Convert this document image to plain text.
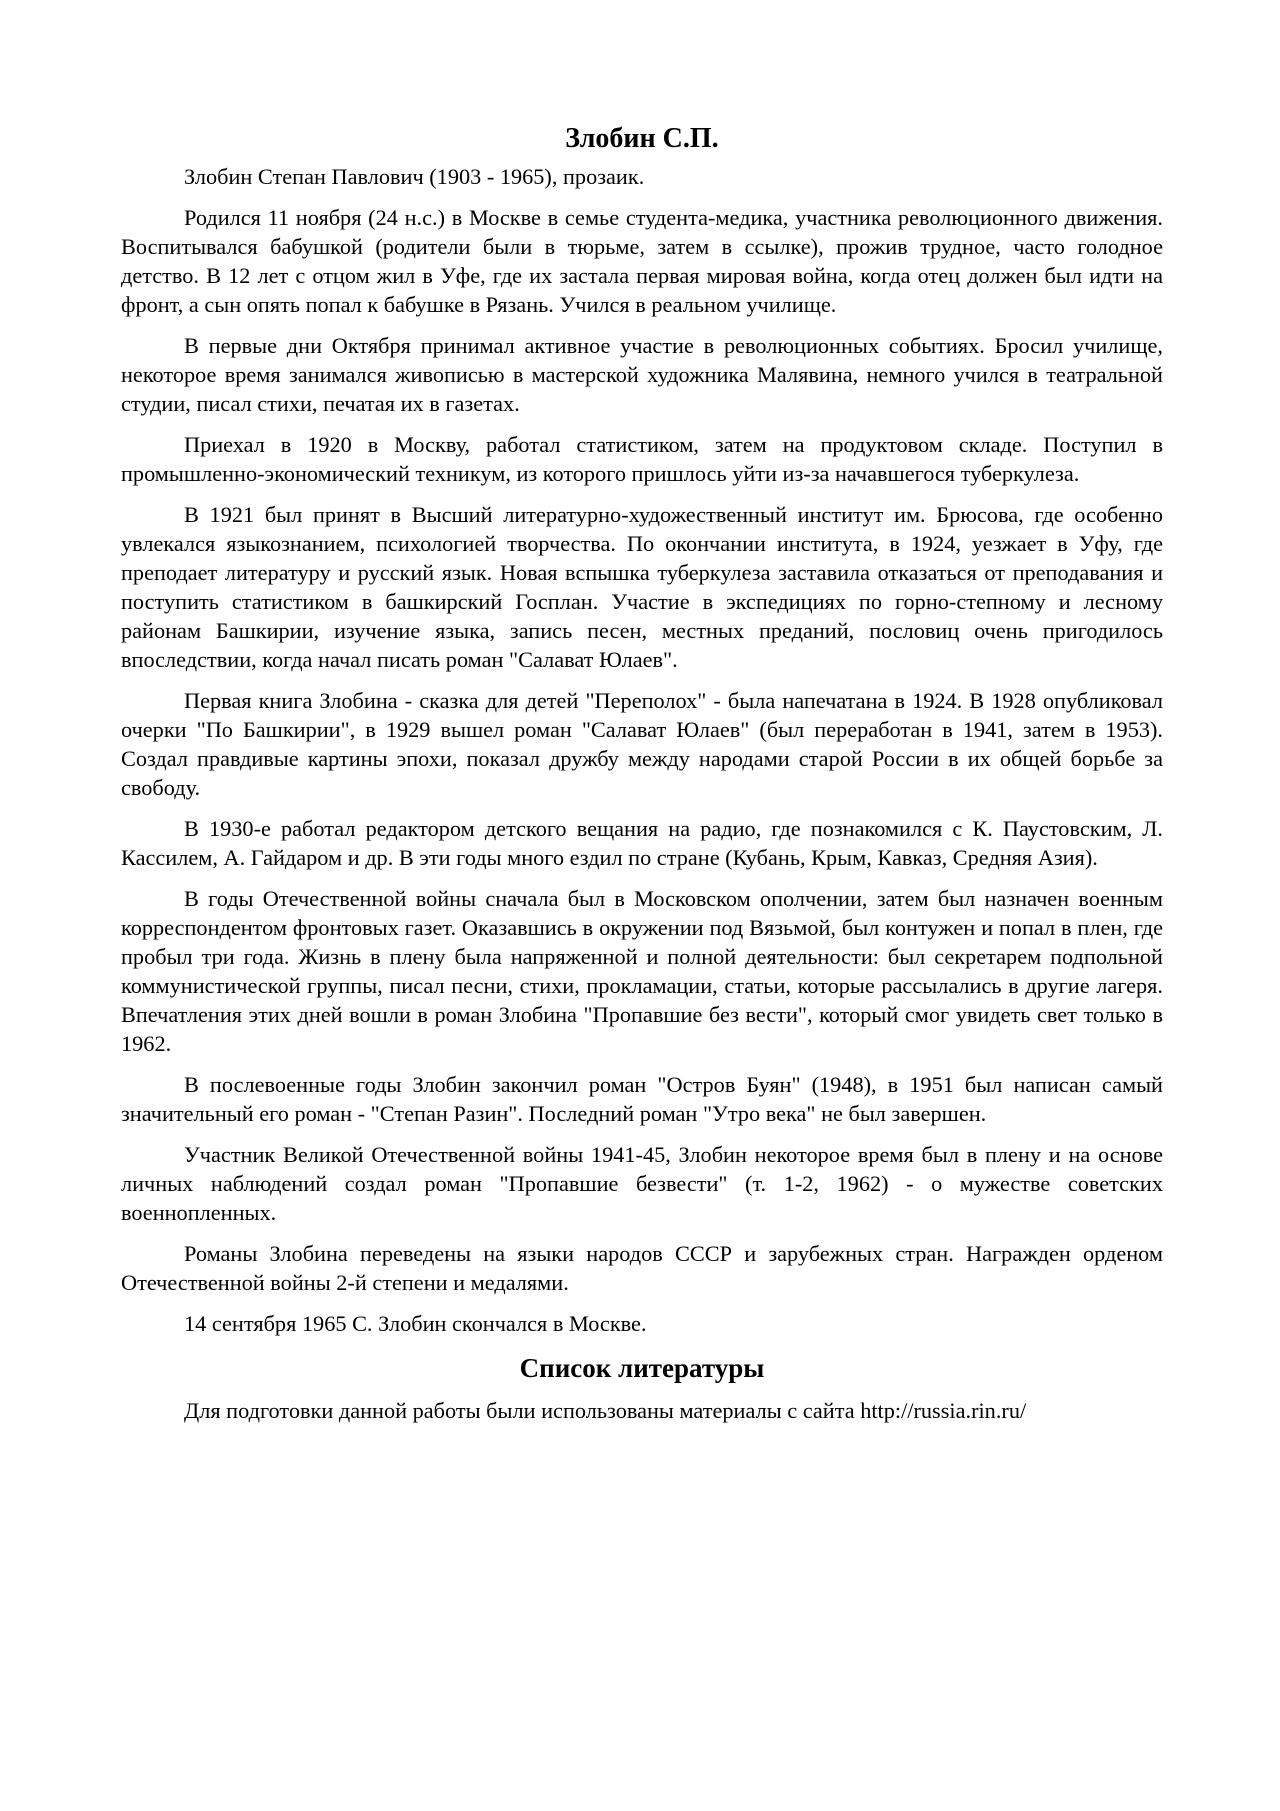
Злобин С.П.

Злобин Степан Павлович (1903 - 1965), прозаик.

Родился 11 ноября (24 н.с.) в Москве в семье студента-медика, участника революционного движения. Воспитывался бабушкой (родители были в тюрьме, затем в ссылке), прожив трудное, часто голодное детство. В 12 лет с отцом жил в Уфе, где их застала первая мировая война, когда отец должен был идти на фронт, а сын опять попал к бабушке в Рязань. Учился в реальном училище.

В первые дни Октября принимал активное участие в революционных событиях. Бросил училище, некоторое время занимался живописью в мастерской художника Малявина, немного учился в театральной студии, писал стихи, печатая их в газетах.

Приехал в 1920 в Москву, работал статистиком, затем на продуктовом складе. Поступил в промышленно-экономический техникум, из которого пришлось уйти из-за начавшегося туберкулеза.

В 1921 был принят в Высший литературно-художественный институт им. Брюсова, где особенно увлекался языкознанием, психологией творчества. По окончании института, в 1924, уезжает в Уфу, где преподает литературу и русский язык. Новая вспышка туберкулеза заставила отказаться от преподавания и поступить статистиком в башкирский Госплан. Участие в экспедициях по горно-степному и лесному районам Башкирии, изучение языка, запись песен, местных преданий, пословиц очень пригодилось впоследствии, когда начал писать роман "Салават Юлаев".

Первая книга Злобина - сказка для детей "Переполох" - была напечатана в 1924. В 1928 опубликовал очерки "По Башкирии", в 1929 вышел роман "Салават Юлаев" (был переработан в 1941, затем в 1953). Создал правдивые картины эпохи, показал дружбу между народами старой России в их общей борьбе за свободу.

В 1930-е работал редактором детского вещания на радио, где познакомился с К. Паустовским, Л. Кассилем, А. Гайдаром и др. В эти годы много ездил по стране (Кубань, Крым, Кавказ, Средняя Азия).

В годы Отечественной войны сначала был в Московском ополчении, затем был назначен военным корреспондентом фронтовых газет. Оказавшись в окружении под Вязьмой, был контужен и попал в плен, где пробыл три года. Жизнь в плену была напряженной и полной деятельности: был секретарем подпольной коммунистической группы, писал песни, стихи, прокламации, статьи, которые рассылались в другие лагеря. Впечатления этих дней вошли в роман Злобина "Пропавшие без вести", который смог увидеть свет только в 1962.

В послевоенные годы Злобин закончил роман "Остров Буян" (1948), в 1951 был написан самый значительный его роман - "Степан Разин". Последний роман "Утро века" не был завершен.

Участник Великой Отечественной войны 1941-45, Злобин некоторое время был в плену и на основе личных наблюдений создал роман "Пропавшие безвести" (т. 1-2, 1962) - о мужестве советских военнопленных.

Романы Злобина переведены на языки народов СССР и зарубежных стран. Награжден орденом Отечественной войны 2-й степени и медалями.

14 сентября 1965 С. Злобин скончался в Москве.

Список литературы

Для подготовки данной работы были использованы материалы с сайта http://russia.rin.ru/
